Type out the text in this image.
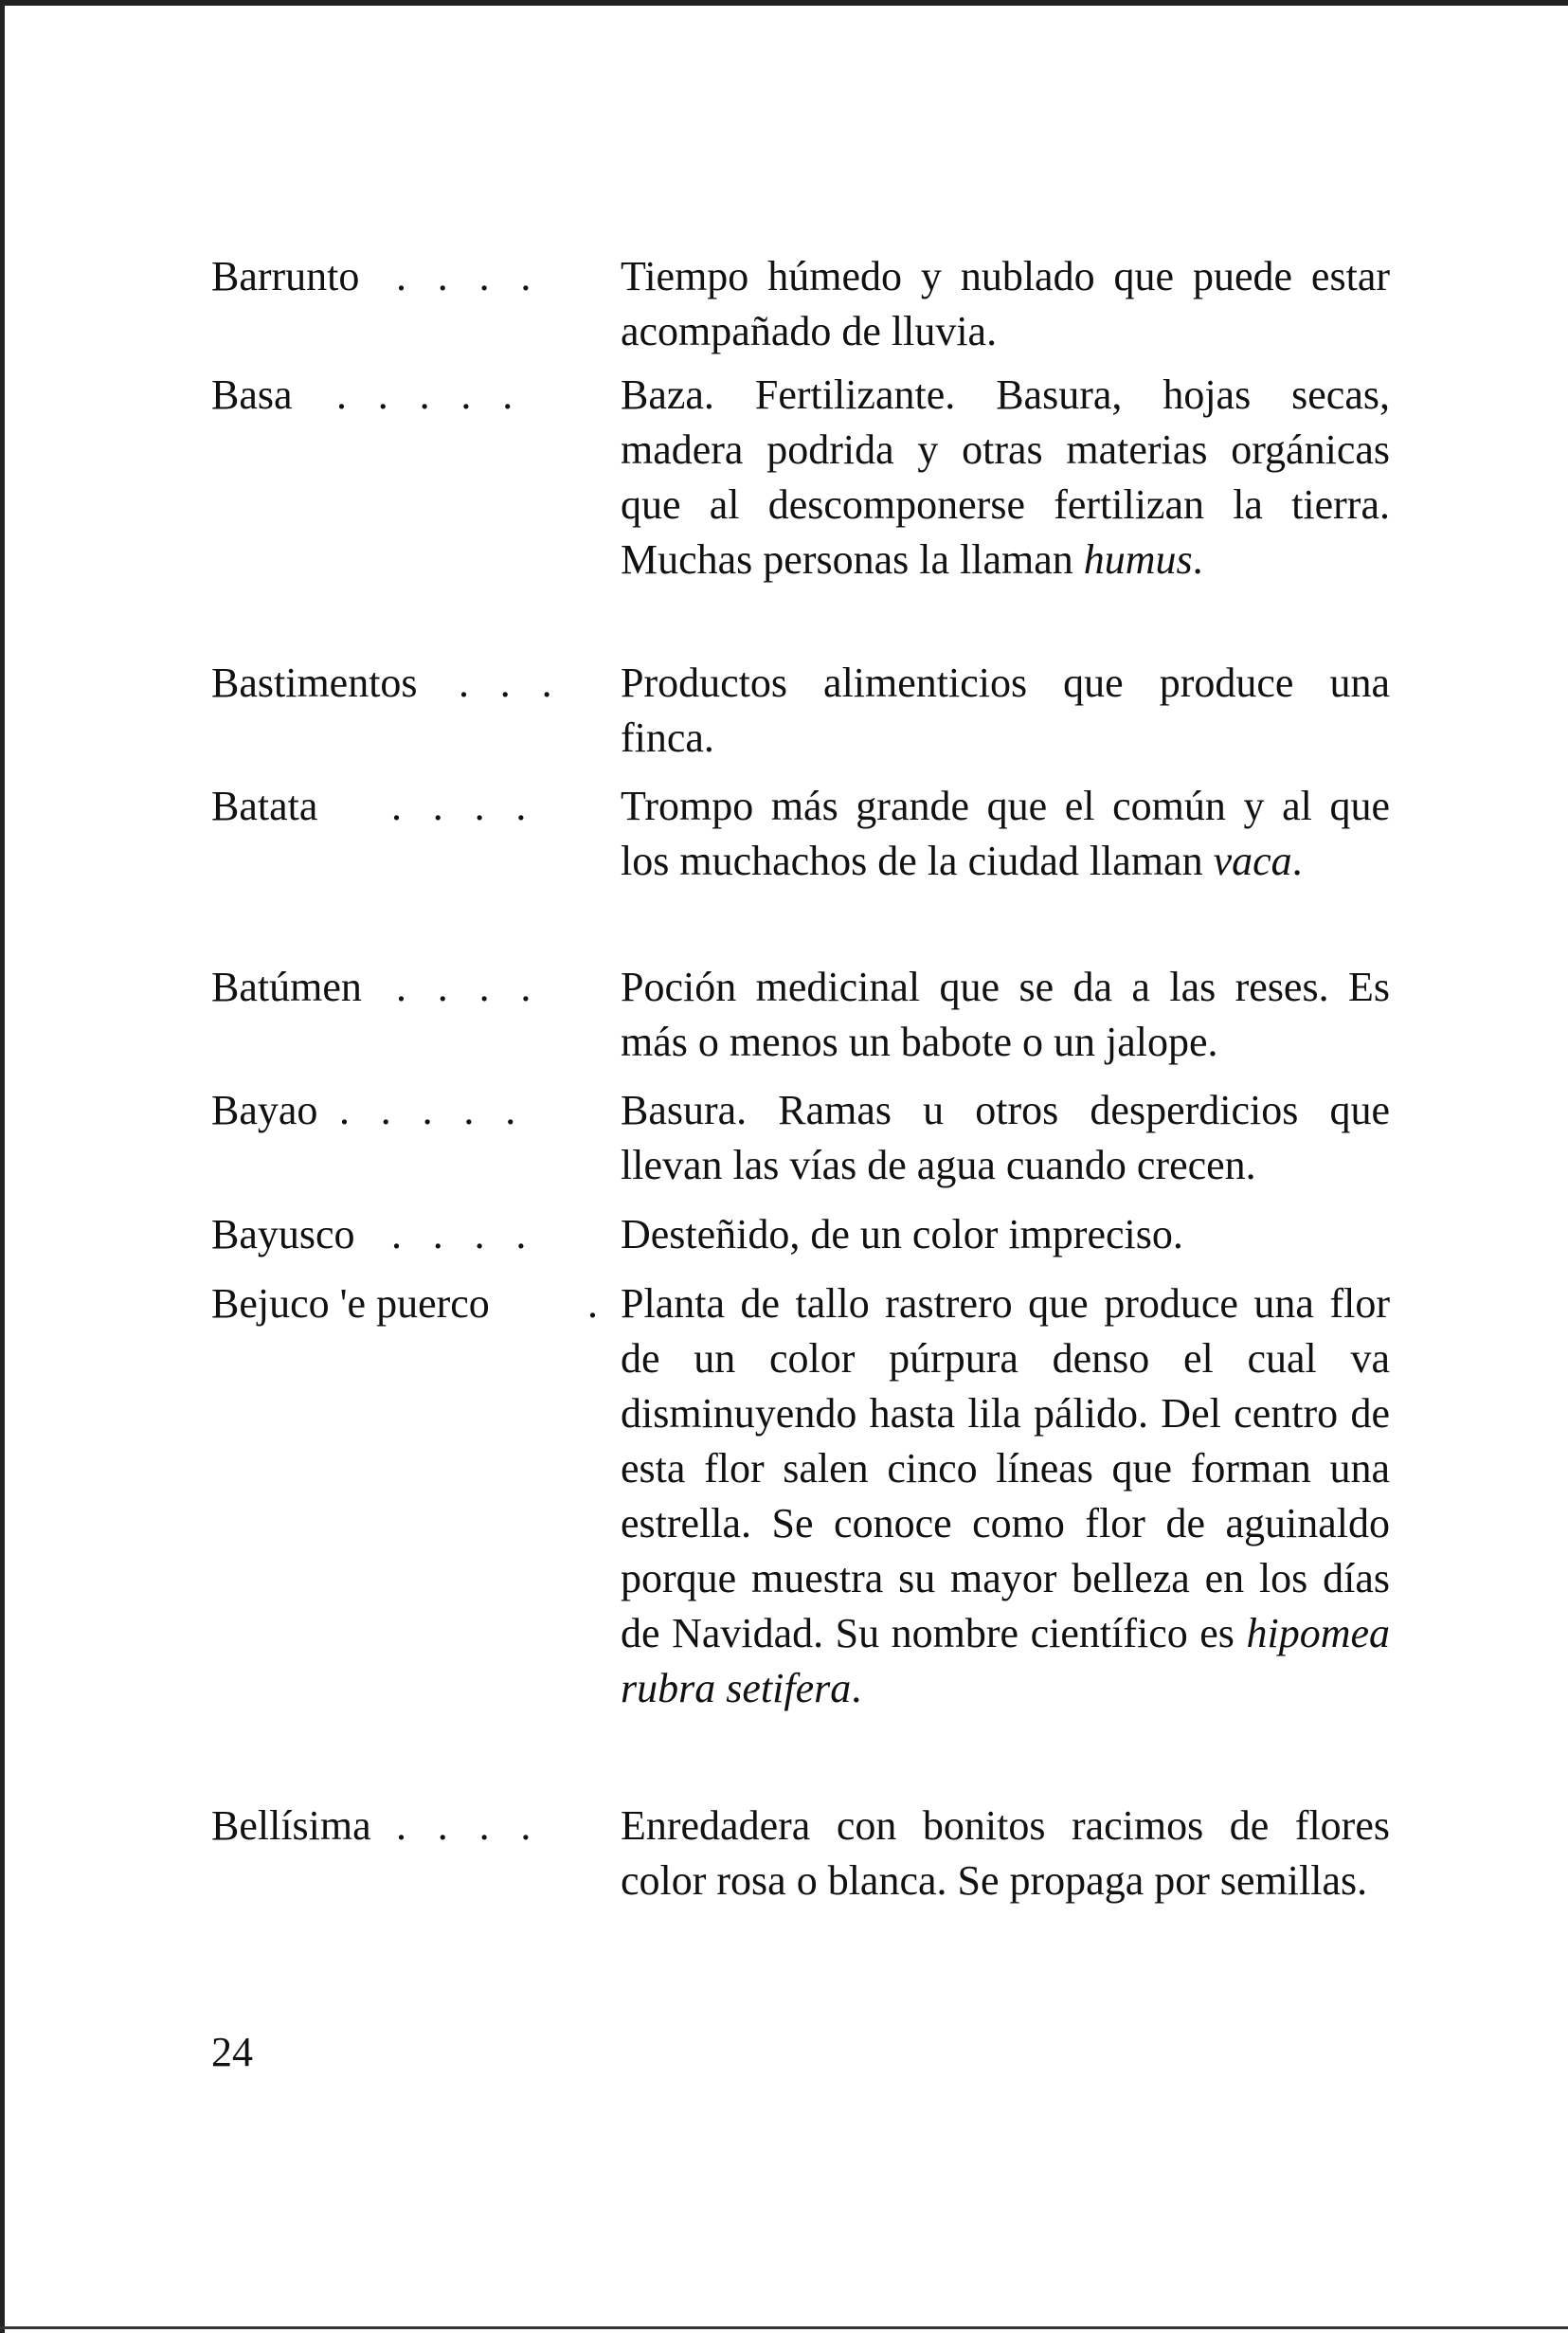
Barrunto . . . . Tiempo húmedo y nublado que puede estar acompañado de lluvia.
Basa . . . . . Baza. Fertilizante. Basura, hojas secas, madera podrida y otras materias orgánicas que al descomponerse fertilizan la tierra. Muchas personas la llaman humus.
Bastimentos . . . Productos alimenticios que produce una finca.
Batata . . . . Trompo más grande que el común y al que los muchachos de la ciudad llaman vaca.
Batúmen . . . . Poción medicinal que se da a las reses. Es más o menos un babote o un jalope.
Bayao . . . . . Basura. Ramas u otros desperdicios que llevan las vías de agua cuando crecen.
Bayusco . . . . Desteñido, de un color impreciso.
Bejuco 'e puerco . Planta de tallo rastrero que produce una flor de un color púrpura denso el cual va disminuyendo hasta lila pálido. Del centro de esta flor salen cinco líneas que forman una estrella. Se conoce como flor de aguinaldo porque muestra su mayor belleza en los días de Navidad. Su nombre científico es hipomea rubra setifera.
Bellísima . . . . Enredadera con bonitos racimos de flores color rosa o blanca. Se propaga por semillas.
24
